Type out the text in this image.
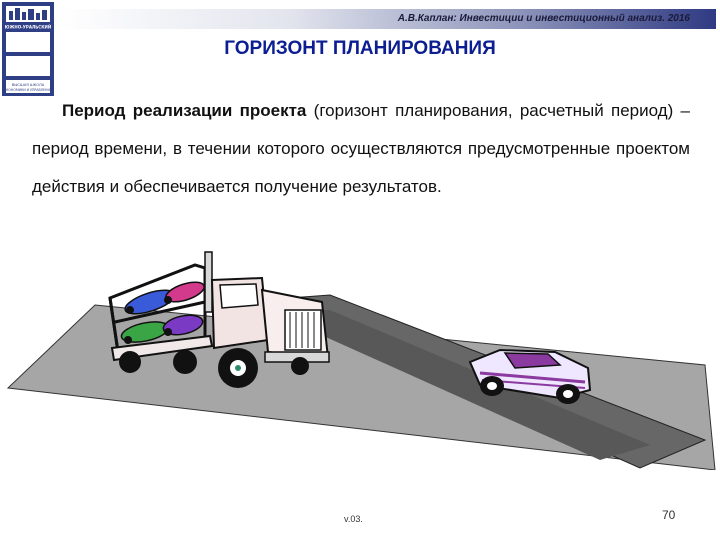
ВШ
ЭУ
ЮЖНО-УРАЛЬСКИЙ
ВЫСШАЯ ШКОЛА
ЭКОНОМИКИ И УПРАВЛЕНИЯ
А.В.Каплан: Инвестиции и инвестиционный анализ. 2016
ГОРИЗОНТ ПЛАНИРОВАНИЯ
Период реализации проекта (горизонт планирования, расчетный период) – период времени, в течении которого осуществляются предусмотренные проектом действия и обеспечивается получение результатов.
v.03.	70
